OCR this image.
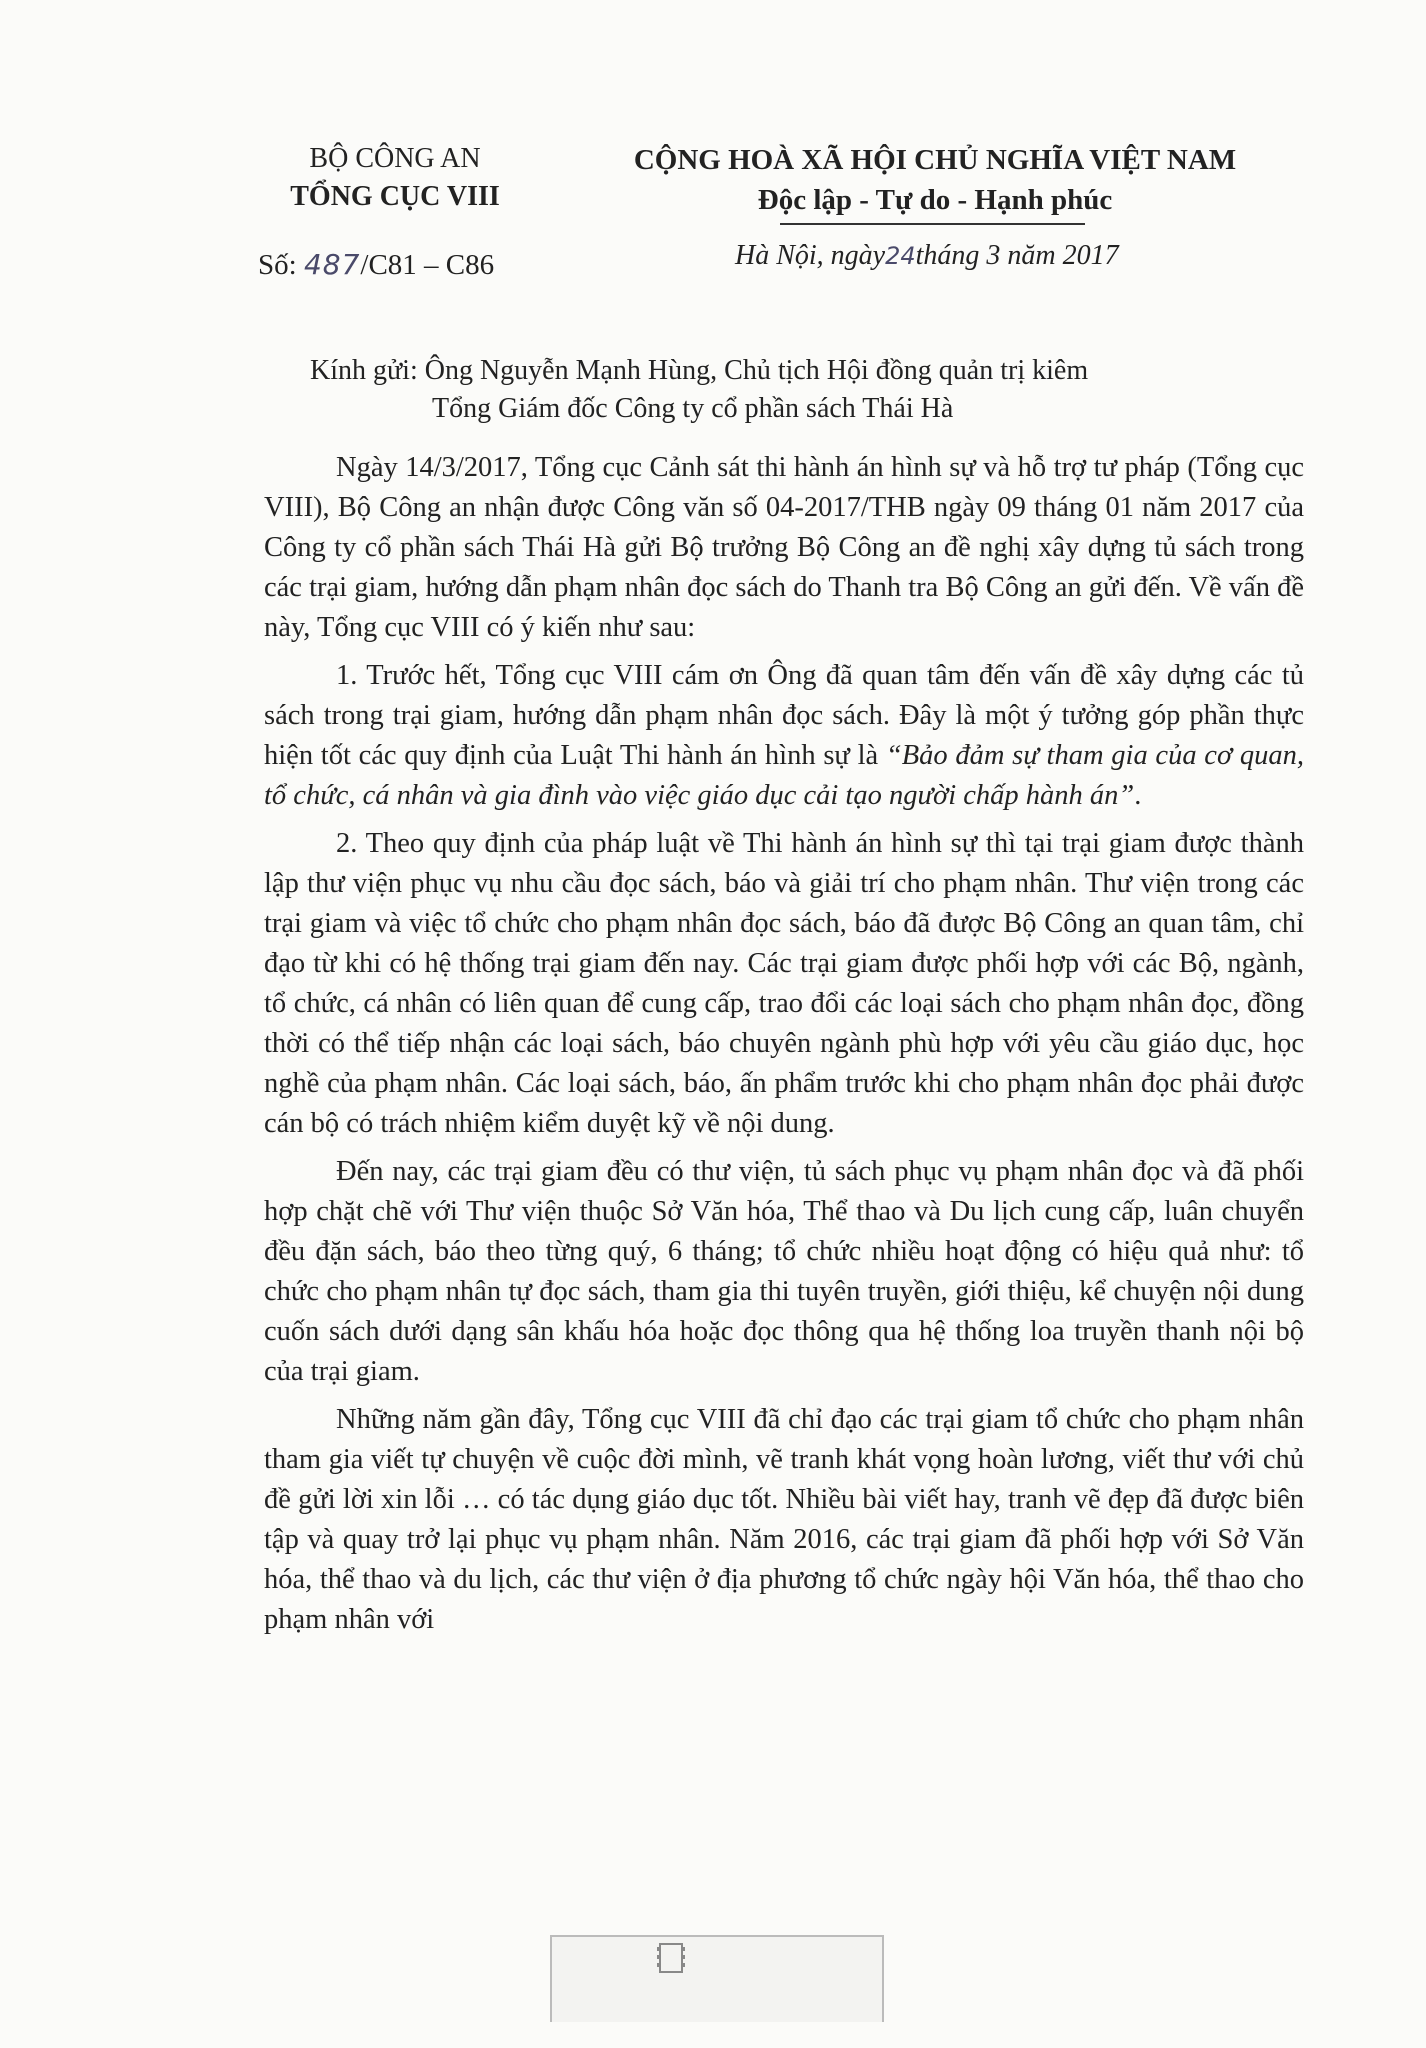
BỘ CÔNG AN
TỔNG CỤC VIII
CỘNG HOÀ XÃ HỘI CHỦ NGHĨA VIỆT NAM
Độc lập - Tự do - Hạnh phúc
Số: 487/C81 – C86	Hà Nội, ngày24tháng 3 năm 2017
Kính gửi: Ông Nguyễn Mạnh Hùng, Chủ tịch Hội đồng quản trị kiêm
Tổng Giám đốc Công ty cổ phần sách Thái Hà

Ngày 14/3/2017, Tổng cục Cảnh sát thi hành án hình sự và hỗ trợ tư pháp (Tổng cục VIII), Bộ Công an nhận được Công văn số 04-2017/THB ngày 09 tháng 01 năm 2017 của Công ty cổ phần sách Thái Hà gửi Bộ trưởng Bộ Công an đề nghị xây dựng tủ sách trong các trại giam, hướng dẫn phạm nhân đọc sách do Thanh tra Bộ Công an gửi đến. Về vấn đề này, Tổng cục VIII có ý kiến như sau:

1. Trước hết, Tổng cục VIII cám ơn Ông đã quan tâm đến vấn đề xây dựng các tủ sách trong trại giam, hướng dẫn phạm nhân đọc sách. Đây là một ý tưởng góp phần thực hiện tốt các quy định của Luật Thi hành án hình sự là “Bảo đảm sự tham gia của cơ quan, tổ chức, cá nhân và gia đình vào việc giáo dục cải tạo người chấp hành án”.

2. Theo quy định của pháp luật về Thi hành án hình sự thì tại trại giam được thành lập thư viện phục vụ nhu cầu đọc sách, báo và giải trí cho phạm nhân. Thư viện trong các trại giam và việc tổ chức cho phạm nhân đọc sách, báo đã được Bộ Công an quan tâm, chỉ đạo từ khi có hệ thống trại giam đến nay. Các trại giam được phối hợp với các Bộ, ngành, tổ chức, cá nhân có liên quan để cung cấp, trao đổi các loại sách cho phạm nhân đọc, đồng thời có thể tiếp nhận các loại sách, báo chuyên ngành phù hợp với yêu cầu giáo dục, học nghề của phạm nhân. Các loại sách, báo, ấn phẩm trước khi cho phạm nhân đọc phải được cán bộ có trách nhiệm kiểm duyệt kỹ về nội dung.

Đến nay, các trại giam đều có thư viện, tủ sách phục vụ phạm nhân đọc và đã phối hợp chặt chẽ với Thư viện thuộc Sở Văn hóa, Thể thao và Du lịch cung cấp, luân chuyển đều đặn sách, báo theo từng quý, 6 tháng; tổ chức nhiều hoạt động có hiệu quả như: tổ chức cho phạm nhân tự đọc sách, tham gia thi tuyên truyền, giới thiệu, kể chuyện nội dung cuốn sách dưới dạng sân khấu hóa hoặc đọc thông qua hệ thống loa truyền thanh nội bộ của trại giam.

Những năm gần đây, Tổng cục VIII đã chỉ đạo các trại giam tổ chức cho phạm nhân tham gia viết tự chuyện về cuộc đời mình, vẽ tranh khát vọng hoàn lương, viết thư với chủ đề gửi lời xin lỗi … có tác dụng giáo dục tốt. Nhiều bài viết hay, tranh vẽ đẹp đã được biên tập và quay trở lại phục vụ phạm nhân. Năm 2016, các trại giam đã phối hợp với Sở Văn hóa, thể thao và du lịch, các thư viện ở địa phương tổ chức ngày hội Văn hóa, thể thao cho phạm nhân với
